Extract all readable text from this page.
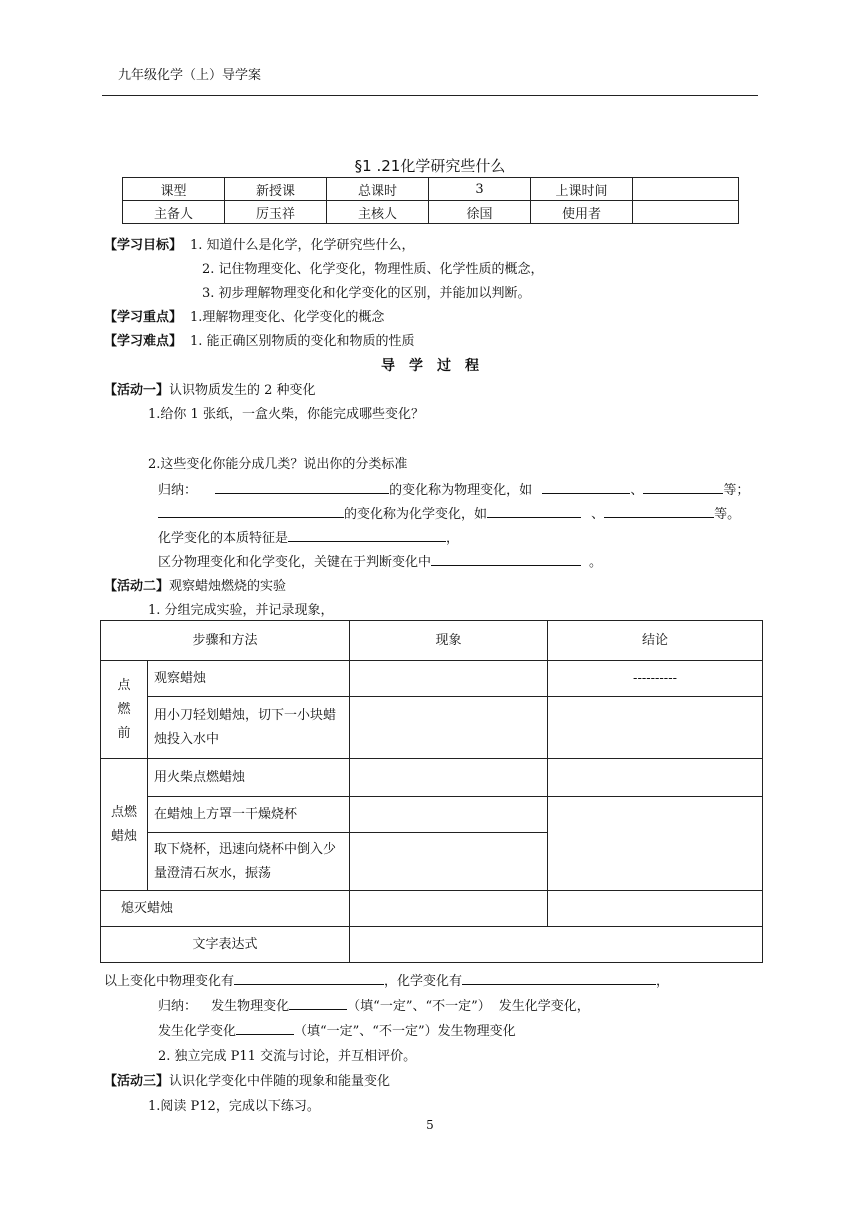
九年级化学（上）导学案
§1 .21化学研究些什么
课型	新授课	总课时	3	上课时间	
主备人	厉玉祥	主核人	徐国	使用者	
【学习目标】 1. 知道什么是化学，化学研究些什么，
2. 记住物理变化、化学变化，物理性质、化学性质的概念，
3. 初步理解物理变化和化学变化的区别，并能加以判断。
【学习重点】 1.理解物理变化、化学变化的概念
【学习难点】 1. 能正确区别物质的变化和物质的性质
导　学　过　程
【活动一】认识物质发生的 2 种变化
1.给你 1 张纸，一盒火柴，你能完成哪些变化？
2.这些变化你能分成几类？说出你的分类标准
归纳：	的变化称为物理变化，如	、	等；
的变化称为化学变化，如	、	等。
化学变化的本质特征是	，
区分物理变化和化学变化，关键在于判断变化中	。
【活动二】观察蜡烛燃烧的实验
1. 分组完成实验，并记录现象，
步骤和方法		现象	结论
点　燃
前	观察蜡烛		----------
	用小刀轻划蜡烛，切下一小块蜡烛投入水中		
点燃
蜡烛	用火柴点燃蜡烛		
	在蜡烛上方罩一干燥烧杯		
	取下烧杯，迅速向烧杯中倒入少量澄清石灰水，振荡		
熄灭蜡烛			
文字表达式			
以上变化中物理变化有	，化学变化有	，
归纳： 发生物理变化	（填“一定”、“不一定”） 发生化学变化，
发生化学变化	（填“一定”、“不一定”）发生物理变化
2. 独立完成 P11 交流与讨论，并互相评价。
【活动三】认识化学变化中伴随的现象和能量变化
1.阅读 P12，完成以下练习。
5
